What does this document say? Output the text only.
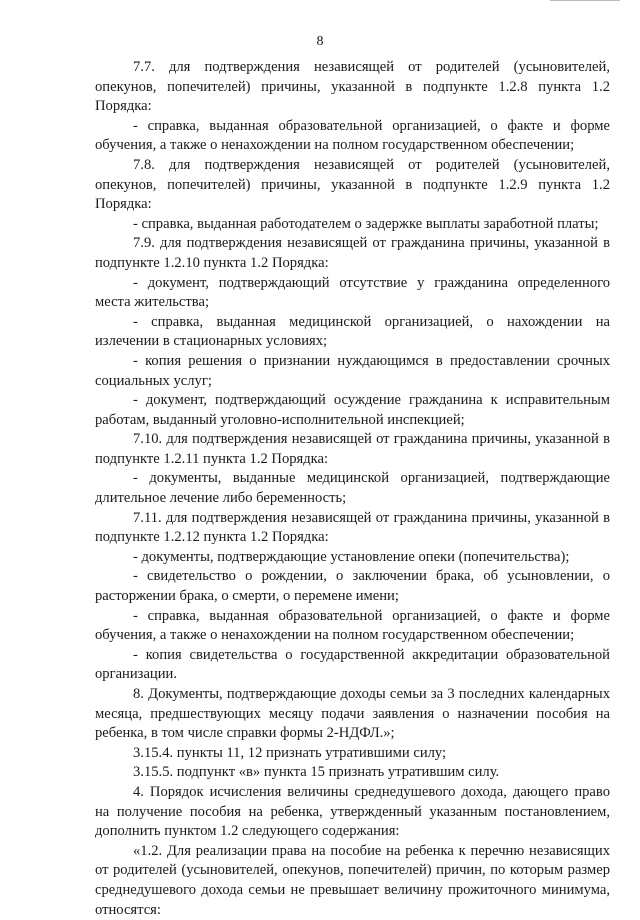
8

7.7. для подтверждения независящей от родителей (усыновителей, опекунов, попечителей) причины, указанной в подпункте 1.2.8 пункта 1.2 Порядка:

- справка, выданная образовательной организацией, о факте и форме обучения, а также о ненахождении на полном государственном обеспечении;

7.8. для подтверждения независящей от родителей (усыновителей, опекунов, попечителей) причины, указанной в подпункте 1.2.9 пункта 1.2 Порядка:

- справка, выданная работодателем о задержке выплаты заработной платы;

7.9. для подтверждения независящей от гражданина причины, указанной в подпункте 1.2.10 пункта 1.2 Порядка:

- документ, подтверждающий отсутствие у гражданина определенного места жительства;

- справка, выданная медицинской организацией, о нахождении на излечении в стационарных условиях;

- копия решения о признании нуждающимся в предоставлении срочных социальных услуг;

- документ, подтверждающий осуждение гражданина к исправительным работам, выданный уголовно-исполнительной инспекцией;

7.10. для подтверждения независящей от гражданина причины, указанной в подпункте 1.2.11 пункта 1.2 Порядка:

- документы, выданные медицинской организацией, подтверждающие длительное лечение либо беременность;

7.11. для подтверждения независящей от гражданина причины, указанной в подпункте 1.2.12 пункта 1.2 Порядка:

- документы, подтверждающие установление опеки (попечительства);

- свидетельство о рождении, о заключении брака, об усыновлении, о расторжении брака, о смерти, о перемене имени;

- справка, выданная образовательной организацией, о факте и форме обучения, а также о ненахождении на полном государственном обеспечении;

- копия свидетельства о государственной аккредитации образовательной организации.

8. Документы, подтверждающие доходы семьи за 3 последних календарных месяца, предшествующих месяцу подачи заявления о назначении пособия на ребенка, в том числе справки формы 2-НДФЛ.»;

3.15.4. пункты 11, 12 признать утратившими силу;

3.15.5. подпункт «в» пункта 15 признать утратившим силу.

4. Порядок исчисления величины среднедушевого дохода, дающего право на получение пособия на ребенка, утвержденный указанным постановлением, дополнить пунктом 1.2 следующего содержания:

«1.2. Для реализации права на пособие на ребенка к перечню независящих от родителей (усыновителей, опекунов, попечителей) причин, по которым размер среднедушевого дохода семьи не превышает величину прожиточного минимума, относятся:
